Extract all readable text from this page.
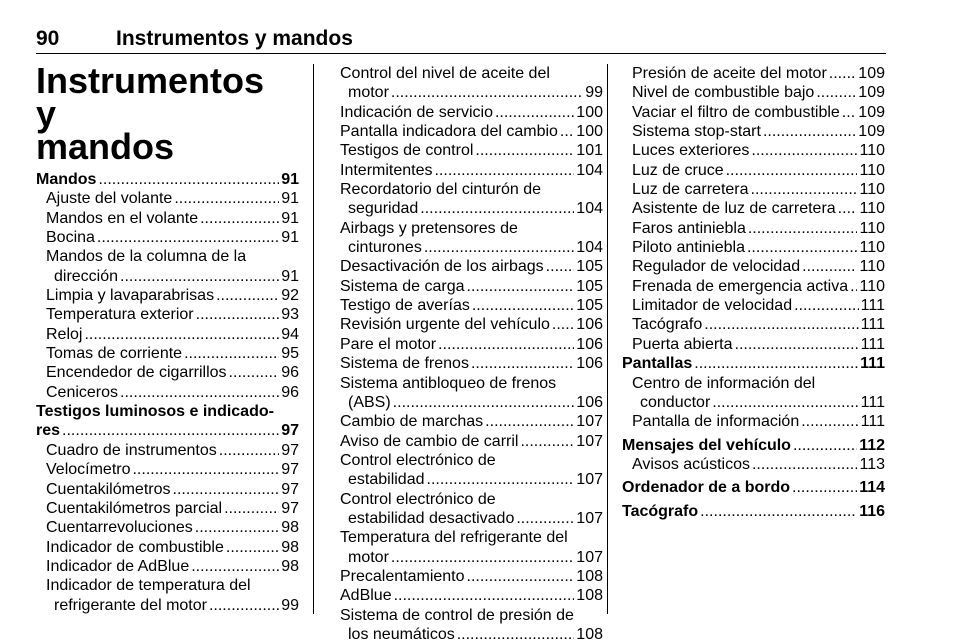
90	Instrumentos y mandos
Instrumentos y
mandos
Mandos .....	91
Ajuste del volante .....	91
Mandos en el volante .....	91
Bocina .....	91
Mandos de la columna de la
dirección .....	91
Limpia y lavaparabrisas .....	92
Temperatura exterior .....	93
Reloj .....	94
Tomas de corriente .....	95
Encendedor de cigarrillos .....	96
Ceniceros .....	96
Testigos luminosos e indicado-
res .....	97
Cuadro de instrumentos .....	97
Velocímetro .....	97
Cuentakilómetros .....	97
Cuentakilómetros parcial .....	97
Cuentarrevoluciones .....	98
Indicador de combustible .....	98
Indicador de AdBlue .....	98
Indicador de temperatura del
refrigerante del motor .....	99
Control del nivel de aceite del
motor .....	99
Indicación de servicio .....	100
Pantalla indicadora del cambio ..... 100
Testigos de control .....	101
Intermitentes .....	104
Recordatorio del cinturón de
seguridad .....	104
Airbags y pretensores de
cinturones .....	104
Desactivación de los airbags ..... 105
Sistema de carga .....	105
Testigo de averías .....	105
Revisión urgente del vehículo ..... 106
Pare el motor .....	106
Sistema de frenos .....	106
Sistema antibloqueo de frenos
(ABS) .....	106
Cambio de marchas .....	107
Aviso de cambio de carril .....	107
Control electrónico de
estabilidad .....	107
Control electrónico de
estabilidad desactivado .....	107
Temperatura del refrigerante del
motor .....	107
Precalentamiento .....	108
AdBlue .....	108
Sistema de control de presión de
los neumáticos .....	108
Presión de aceite del motor ..... 109
Nivel de combustible bajo .....	109
Vaciar el filtro de combustible ..... 109
Sistema stop-start .....	109
Luces exteriores .....	110
Luz de cruce .....	110
Luz de carretera .....	110
Asistente de luz de carretera ..... 110
Faros antiniebla .....	110
Piloto antiniebla .....	110
Regulador de velocidad .....	110
Frenada de emergencia activa ..... 110
Limitador de velocidad .....	111
Tacógrafo .....	111
Puerta abierta .....	111
Pantallas .....	111
Centro de información del
conductor .....	111
Pantalla de información .....	111
Mensajes del vehículo .....	112
Avisos acústicos .....	113
Ordenador de a bordo .....	114
Tacógrafo .....	116
